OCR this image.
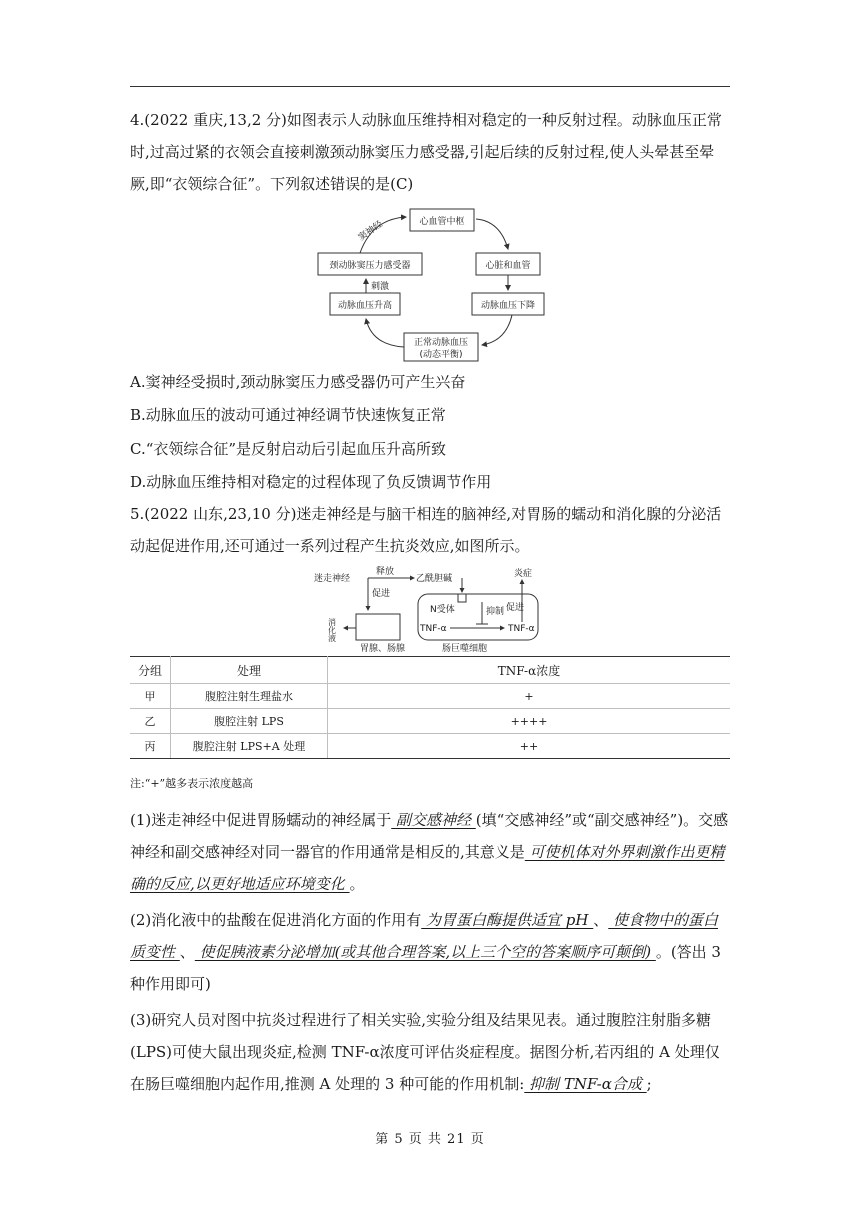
4.(2022 重庆,13,2 分)如图表示人动脉血压维持相对稳定的一种反射过程。动脉血压正常时,过高过紧的衣领会直接刺激颈动脉窦压力感受器,引起后续的反射过程,使人头晕甚至晕厥,即“衣领综合征”。下列叙述错误的是(C)
心血管中枢
心脏和血管
动脉血压下降
正常动脉血压
(动态平衡)
动脉血压升高
颈动脉窦压力感受器
刺激
窦神经
A.窦神经受损时,颈动脉窦压力感受器仍可产生兴奋
B.动脉血压的波动可通过神经调节快速恢复正常
C.“衣领综合征”是反射启动后引起血压升高所致
D.动脉血压维持相对稳定的过程体现了负反馈调节作用
5.(2022 山东,23,10 分)迷走神经是与脑干相连的脑神经,对胃肠的蠕动和消化腺的分泌活动起促进作用,还可通过一系列过程产生抗炎效应,如图所示。
迷走神经
释放
乙酰胆碱
促进
消化液
胃腺、肠腺
N受体	抑制
TNF-α	TNF-α
促进
炎症
肠巨噬细胞
分组	处理	TNF-α浓度
甲	腹腔注射生理盐水	+
乙	腹腔注射 LPS	++++
丙	腹腔注射 LPS+A 处理	++
注:“+”越多表示浓度越高
(1)迷走神经中促进胃肠蠕动的神经属于 副交感神经 (填“交感神经”或“副交感神经”)。交感神经和副交感神经对同一器官的作用通常是相反的,其意义是 可使机体对外界刺激作出更精确的反应,以更好地适应环境变化 。
(2)消化液中的盐酸在促进消化方面的作用有 为胃蛋白酶提供适宜 pH 、 使食物中的蛋白质变性 、 使促胰液素分泌增加(或其他合理答案,以上三个空的答案顺序可颠倒) 。(答出 3 种作用即可)
(3)研究人员对图中抗炎过程进行了相关实验,实验分组及结果见表。通过腹腔注射脂多糖(LPS)可使大鼠出现炎症,检测 TNF-α浓度可评估炎症程度。据图分析,若丙组的 A 处理仅在肠巨噬细胞内起作用,推测 A 处理的 3 种可能的作用机制: 抑制 TNF-α合成 ;
第 5 页 共 21 页
